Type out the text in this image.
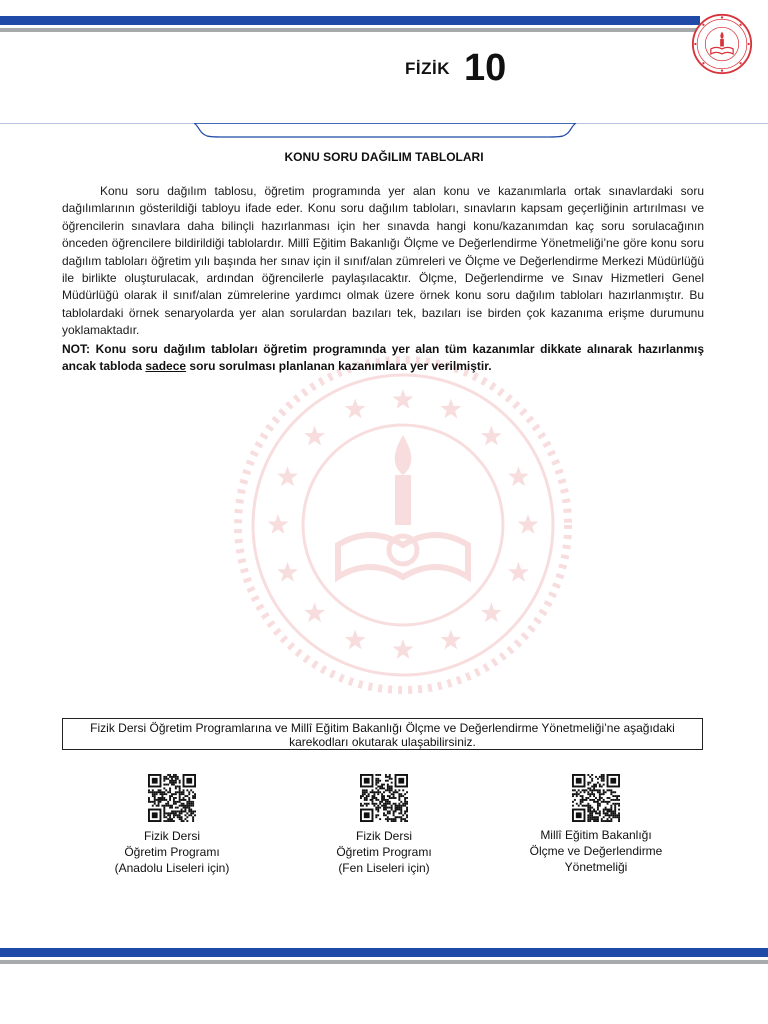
FİZİK 10
KONU SORU DAĞILIM TABLOLARI

Konu soru dağılım tablosu, öğretim programında yer alan konu ve kazanımlarla ortak sınavlardaki soru dağılımlarının gösterildiği tabloyu ifade eder. Konu soru dağılım tabloları, sınavların kapsam geçerliğinin artırılması ve öğrencilerin sınavlara daha bilinçli hazırlanması için her sınavda hangi konu/kazanımdan kaç soru sorulacağının önceden öğrencilere bildirildiği tablolardır. Millî Eğitim Bakanlığı Ölçme ve Değerlendirme Yönetmeliği’ne göre konu soru dağılım tabloları öğretim yılı başında her sınav için il sınıf/alan zümreleri ve Ölçme ve Değerlendirme Merkezi Müdürlüğü ile birlikte oluşturulacak, ardından öğrencilerle paylaşılacaktır. Ölçme, Değerlendirme ve Sınav Hizmetleri Genel Müdürlüğü olarak il sınıf/alan zümrelerine yardımcı olmak üzere örnek konu soru dağılım tabloları hazırlanmıştır. Bu tablolardaki örnek senaryolarda yer alan sorulardan bazıları tek, bazıları ise birden çok kazanıma erişme durumunu yoklamaktadır.

NOT: Konu soru dağılım tabloları öğretim programında yer alan tüm kazanımlar dikkate alınarak hazırlanmış ancak tabloda sadece soru sorulması planlanan kazanımlara yer verilmiştir.

Fizik Dersi Öğretim Programlarına ve Millî Eğitim Bakanlığı Ölçme ve Değerlendirme Yönetmeliği’ne aşağıdaki karekodları okutarak ulaşabilirsiniz.
Fizik Dersi
Öğretim Programı
(Anadolu Liseleri için)
Fizik Dersi
Öğretim Programı
(Fen Liseleri için)
Millî Eğitim Bakanlığı
Ölçme ve Değerlendirme
Yönetmeliği
